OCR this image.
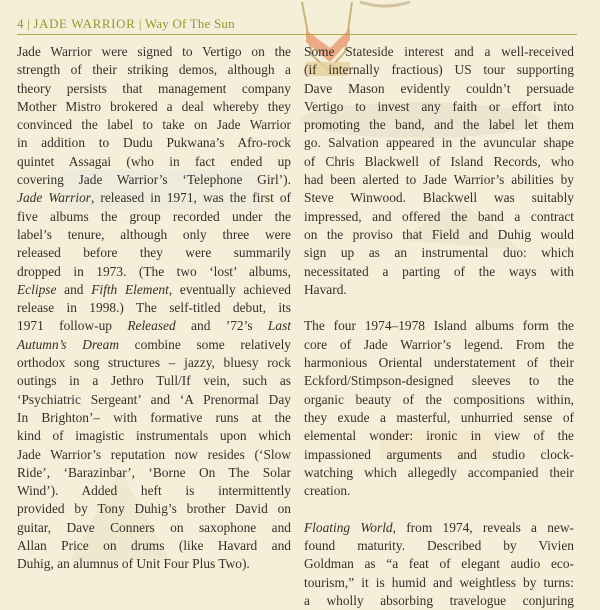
4 | JADE WARRIOR | Way Of The Sun
Jade Warrior were signed to Vertigo on the
strength of their striking demos, although a
theory persists that management company
Mother Mistro brokered a deal whereby they
convinced the label to take on Jade Warrior
in addition to Dudu Pukwana’s Afro-rock
quintet Assagai (who in fact ended up
covering Jade Warrior’s ‘Telephone Girl’).
Jade Warrior, released in 1971, was the first of
five albums the group recorded under the
label’s tenure, although only three were
released before they were summarily
dropped in 1973. (The two ‘lost’ albums,
Eclipse and Fifth Element, eventually achieved
release in 1998.) The self-titled debut, its
1971 follow-up Released and ’72’s Last
Autumn’s Dream combine some relatively
orthodox song structures – jazzy, bluesy rock
outings in a Jethro Tull/If vein, such as
‘Psychiatric Sergeant’ and ‘A Prenormal Day
In Brighton’– with formative runs at the
kind of imagistic instrumentals upon which
Jade Warrior’s reputation now resides (‘Slow
Ride’, ‘Barazinbar’, ‘Borne On The Solar
Wind’). Added heft is intermittently
provided by Tony Duhig’s brother David on
guitar, Dave Conners on saxophone and
Allan Price on drums (like Havard and
Duhig, an alumnus of Unit Four Plus Two).
Some Stateside interest and a well-received
(if internally fractious) US tour supporting
Dave Mason evidently couldn’t persuade
Vertigo to invest any faith or effort into
promoting the band, and the label let them
go. Salvation appeared in the avuncular shape
of Chris Blackwell of Island Records, who
had been alerted to Jade Warrior’s abilities by
Steve Winwood. Blackwell was suitably
impressed, and offered the band a contract
on the proviso that Field and Duhig would
sign up as an instrumental duo: which
necessitated a parting of the ways with
Havard.
The four 1974–1978 Island albums form the
core of Jade Warrior’s legend. From the
harmonious Oriental understatement of their
Eckford/Stimpson-designed sleeves to the
organic beauty of the compositions within,
they exude a masterful, unhurried sense of
elemental wonder: ironic in view of the
impassioned arguments and studio clock-
watching which allegedly accompanied their
creation.
Floating World, from 1974, reveals a new-
found maturity. Described by Vivien
Goldman as “a feat of elegant audio eco-
tourism,” it is humid and weightless by turns:
a wholly absorbing travelogue conjuring
